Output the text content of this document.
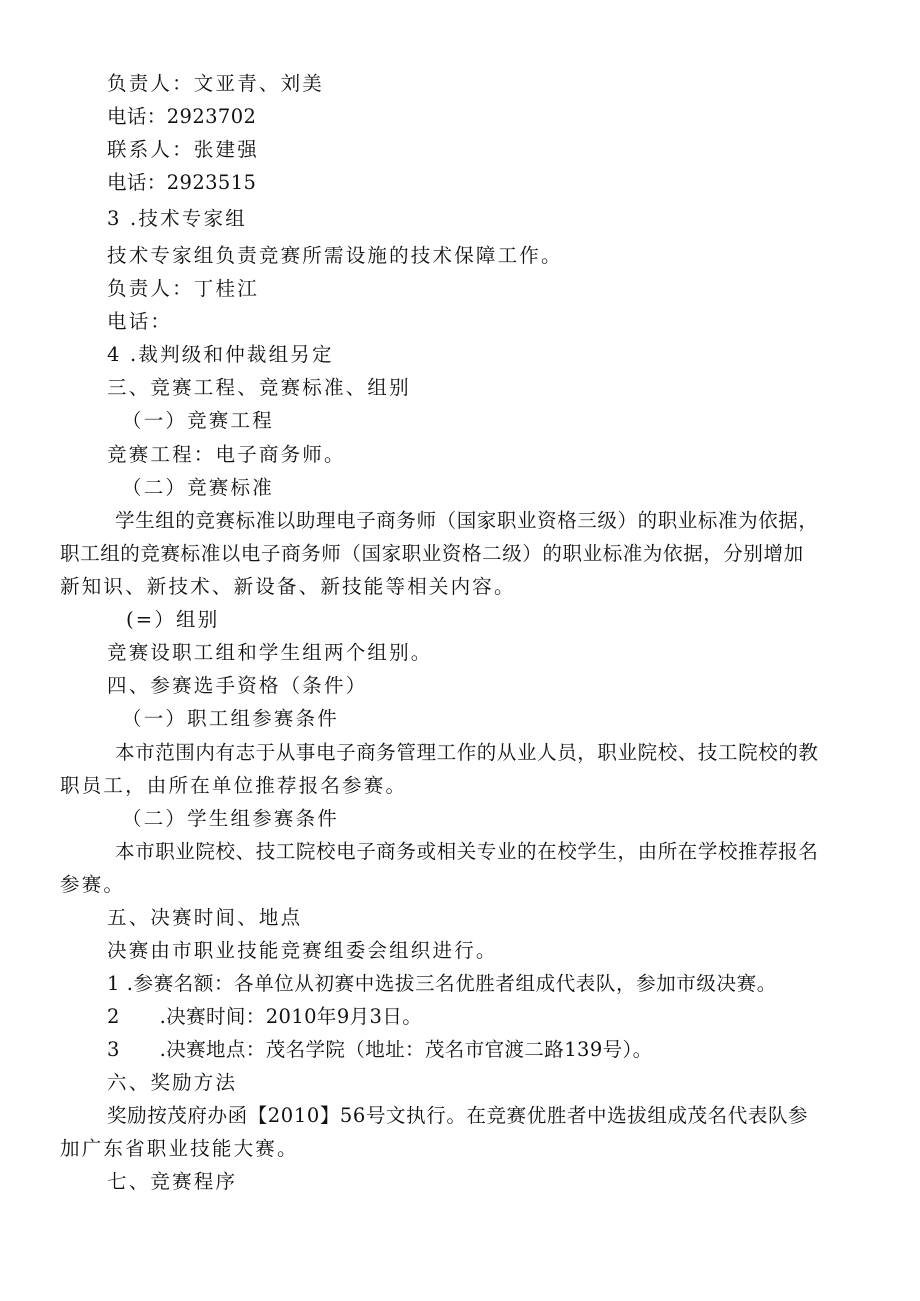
负责人：文亚青、刘美
电话：2923702
联系人：张建强
电话：2923515
3 .技术专家组
技术专家组负责竞赛所需设施的技术保障工作。
负责人：丁桂江
电话：
4 .裁判级和仲裁组另定
三、竞赛工程、竞赛标准、组别
（一）竞赛工程
竞赛工程：电子商务师。
（二）竞赛标准
学生组的竞赛标准以助理电子商务师（国家职业资格三级）的职业标准为依据，
职工组的竞赛标准以电子商务师（国家职业资格二级）的职业标准为依据，分别增加
新知识、新技术、新设备、新技能等相关内容。
(=）组别
竞赛设职工组和学生组两个组别。
四、参赛选手资格（条件）
（一）职工组参赛条件
本市范围内有志于从事电子商务管理工作的从业人员，职业院校、技工院校的教
职员工，由所在单位推荐报名参赛。
（二）学生组参赛条件
本市职业院校、技工院校电子商务或相关专业的在校学生，由所在学校推荐报名
参赛。
五、决赛时间、地点
决赛由市职业技能竞赛组委会组织进行。
1 .参赛名额：各单位从初赛中选拔三名优胜者组成代表队，参加市级决赛。
2　　.决赛时间：2010年9月3日。
3　　.决赛地点：茂名学院（地址：茂名市官渡二路139号）。
六、奖励方法
奖励按茂府办函【2010】56号文执行。在竞赛优胜者中选拔组成茂名代表队参
加广东省职业技能大赛。
七、竞赛程序
